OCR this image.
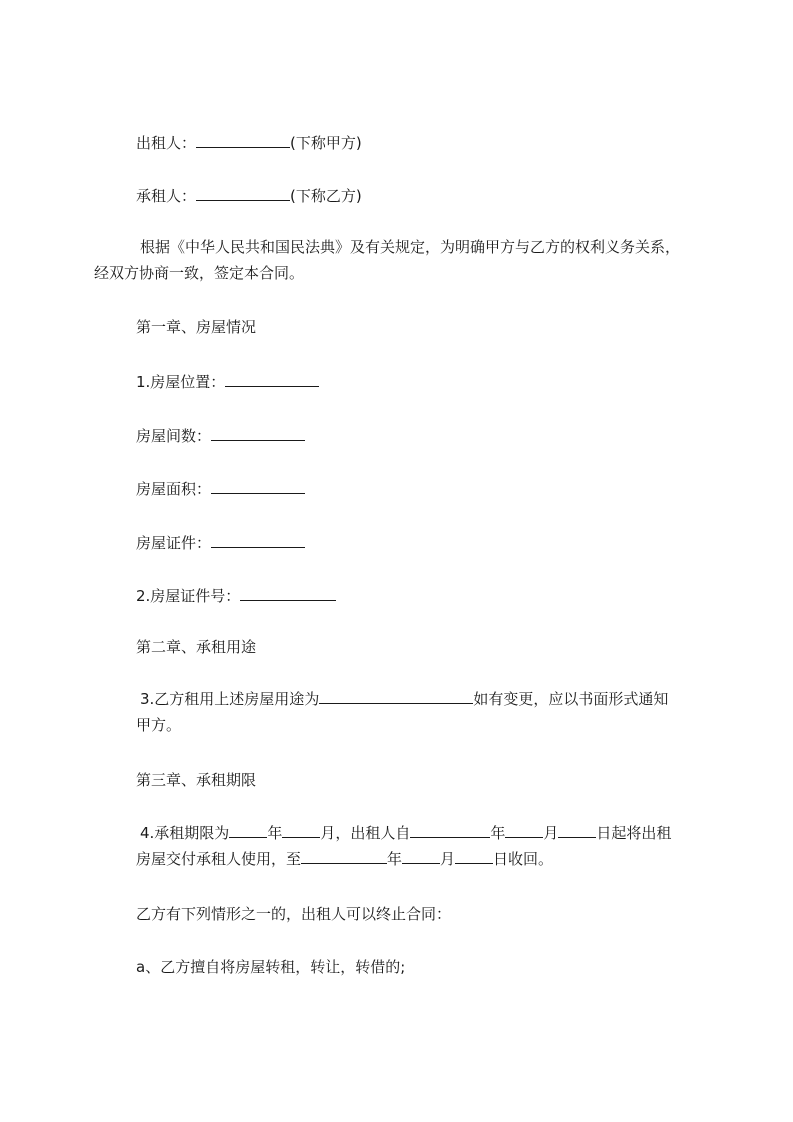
出租人：	(下称甲方)
承租人：	(下称乙方)
根据《中华人民共和国民法典》及有关规定，为明确甲方与乙方的权利义务关系，
经双方协商一致，签定本合同。
第一章、房屋情况
1.房屋位置：
房屋间数：
房屋面积：
房屋证件：
2.房屋证件号：
第二章、承租用途
3.乙方租用上述房屋用途为	如有变更，应以书面形式通知
甲方。
第三章、承租期限
4.承租期限为	年	月，出租人自	年	月	日起将出租
房屋交付承租人使用，至	年	月	日收回。
乙方有下列情形之一的，出租人可以终止合同：
a、乙方擅自将房屋转租，转让，转借的;
